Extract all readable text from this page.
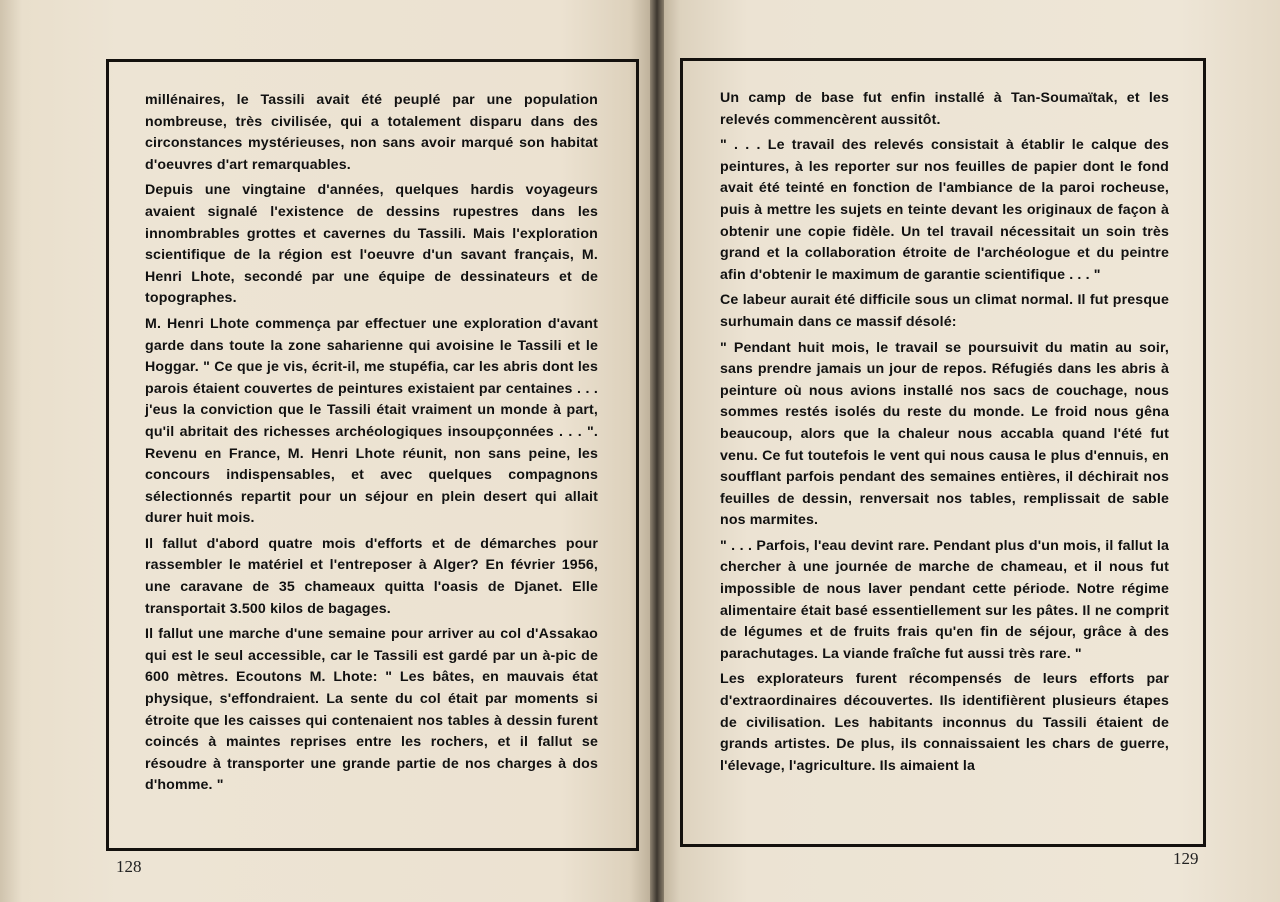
millénaires, le Tassili avait été peuplé par une population nombreuse, très civilisée, qui a totalement disparu dans des circonstances mystérieuses, non sans avoir marqué son habitat d'oeuvres d'art remarquables.

Depuis une vingtaine d'années, quelques hardis voyageurs avaient signalé l'existence de dessins rupestres dans les innombrables grottes et cavernes du Tassili. Mais l'exploration scientifique de la région est l'oeuvre d'un savant français, M. Henri Lhote, secondé par une équipe de dessinateurs et de topographes.

M. Henri Lhote commença par effectuer une exploration d'avant garde dans toute la zone saharienne qui avoisine le Tassili et le Hoggar. " Ce que je vis, écrit-il, me stupéfia, car les abris dont les parois étaient couvertes de peintures existaient par centaines . . . j'eus la conviction que le Tassili était vraiment un monde à part, qu'il abritait des richesses archéologiques insoupçonnées . . . ". Revenu en France, M. Henri Lhote réunit, non sans peine, les concours indispensables, et avec quelques compagnons sélectionnés repartit pour un séjour en plein desert qui allait durer huit mois.

Il fallut d'abord quatre mois d'efforts et de démarches pour rassembler le matériel et l'entreposer à Alger? En février 1956, une caravane de 35 chameaux quitta l'oasis de Djanet. Elle transportait 3.500 kilos de bagages.

Il fallut une marche d'une semaine pour arriver au col d'Assakao qui est le seul accessible, car le Tassili est gardé par un à-pic de 600 mètres. Ecoutons M. Lhote: " Les bâtes, en mauvais état physique, s'effondraient. La sente du col était par moments si étroite que les caisses qui contenaient nos tables à dessin furent coincés à maintes reprises entre les rochers, et il fallut se résoudre à transporter une grande partie de nos charges à dos d'homme. "

128

Un camp de base fut enfin installé à Tan-Soumaïtak, et les relevés commencèrent aussitôt.

" . . . Le travail des relevés consistait à établir le calque des peintures, à les reporter sur nos feuilles de papier dont le fond avait été teinté en fonction de l'ambiance de la paroi rocheuse, puis à mettre les sujets en teinte devant les originaux de façon à obtenir une copie fidèle. Un tel travail nécessitait un soin très grand et la collaboration étroite de l'archéologue et du peintre afin d'obtenir le maximum de garantie scientifique . . . "

Ce labeur aurait été difficile sous un climat normal. Il fut presque surhumain dans ce massif désolé:

" Pendant huit mois, le travail se poursuivit du matin au soir, sans prendre jamais un jour de repos. Réfugiés dans les abris à peinture où nous avions installé nos sacs de couchage, nous sommes restés isolés du reste du monde. Le froid nous gêna beaucoup, alors que la chaleur nous accabla quand l'été fut venu. Ce fut toutefois le vent qui nous causa le plus d'ennuis, en soufflant parfois pendant des semaines entières, il déchirait nos feuilles de dessin, renversait nos tables, remplissait de sable nos marmites.

" . . . Parfois, l'eau devint rare. Pendant plus d'un mois, il fallut la chercher à une journée de marche de chameau, et il nous fut impossible de nous laver pendant cette période. Notre régime alimentaire était basé essentiellement sur les pâtes. Il ne comprit de légumes et de fruits frais qu'en fin de séjour, grâce à des parachutages. La viande fraîche fut aussi très rare. "

Les explorateurs furent récompensés de leurs efforts par d'extraordinaires découvertes. Ils identifièrent plusieurs étapes de civilisation. Les habitants inconnus du Tassili étaient de grands artistes. De plus, ils connaissaient les chars de guerre, l'élevage, l'agriculture. Ils aimaient la

129
